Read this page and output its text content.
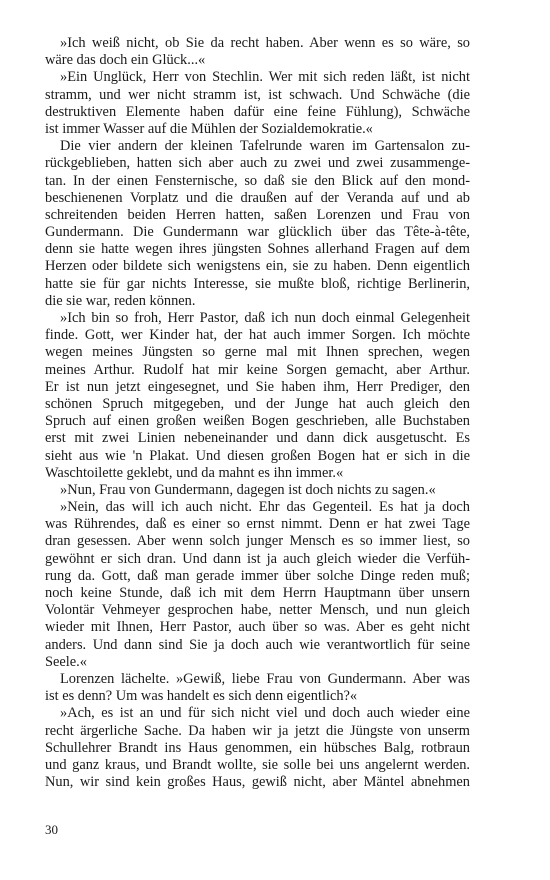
»Ich weiß nicht, ob Sie da recht haben. Aber wenn es so wäre, so
wäre das doch ein Glück...«
»Ein Unglück, Herr von Stechlin. Wer mit sich reden läßt, ist nicht
stramm, und wer nicht stramm ist, ist schwach. Und Schwäche (die
destruktiven Elemente haben dafür eine feine Fühlung), Schwäche
ist immer Wasser auf die Mühlen der Sozialdemokratie.«
Die vier andern der kleinen Tafelrunde waren im Gartensalon zu-
rückgeblieben, hatten sich aber auch zu zwei und zwei zusammenge-
tan. In der einen Fensternische, so daß sie den Blick auf den mond-
beschienenen Vorplatz und die draußen auf der Veranda auf und ab
schreitenden beiden Herren hatten, saßen Lorenzen und Frau von
Gundermann. Die Gundermann war glücklich über das Tête-à-tête,
denn sie hatte wegen ihres jüngsten Sohnes allerhand Fragen auf dem
Herzen oder bildete sich wenigstens ein, sie zu haben. Denn eigentlich
hatte sie für gar nichts Interesse, sie mußte bloß, richtige Berlinerin,
die sie war, reden können.
»Ich bin so froh, Herr Pastor, daß ich nun doch einmal Gelegenheit
finde. Gott, wer Kinder hat, der hat auch immer Sorgen. Ich möchte
wegen meines Jüngsten so gerne mal mit Ihnen sprechen, wegen
meines Arthur. Rudolf hat mir keine Sorgen gemacht, aber Arthur.
Er ist nun jetzt eingesegnet, und Sie haben ihm, Herr Prediger, den
schönen Spruch mitgegeben, und der Junge hat auch gleich den
Spruch auf einen großen weißen Bogen geschrieben, alle Buchstaben
erst mit zwei Linien nebeneinander und dann dick ausgetuscht. Es
sieht aus wie 'n Plakat. Und diesen großen Bogen hat er sich in die
Waschtoilette geklebt, und da mahnt es ihn immer.«
»Nun, Frau von Gundermann, dagegen ist doch nichts zu sagen.«
»Nein, das will ich auch nicht. Ehr das Gegenteil. Es hat ja doch
was Rührendes, daß es einer so ernst nimmt. Denn er hat zwei Tage
dran gesessen. Aber wenn solch junger Mensch es so immer liest, so
gewöhnt er sich dran. Und dann ist ja auch gleich wieder die Verfüh-
rung da. Gott, daß man gerade immer über solche Dinge reden muß;
noch keine Stunde, daß ich mit dem Herrn Hauptmann über unsern
Volontär Vehmeyer gesprochen habe, netter Mensch, und nun gleich
wieder mit Ihnen, Herr Pastor, auch über so was. Aber es geht nicht
anders. Und dann sind Sie ja doch auch wie verantwortlich für seine
Seele.«
Lorenzen lächelte. »Gewiß, liebe Frau von Gundermann. Aber was
ist es denn? Um was handelt es sich denn eigentlich?«
»Ach, es ist an und für sich nicht viel und doch auch wieder eine
recht ärgerliche Sache. Da haben wir ja jetzt die Jüngste von unserm
Schullehrer Brandt ins Haus genommen, ein hübsches Balg, rotbraun
und ganz kraus, und Brandt wollte, sie solle bei uns angelernt werden.
Nun, wir sind kein großes Haus, gewiß nicht, aber Mäntel abnehmen
30
